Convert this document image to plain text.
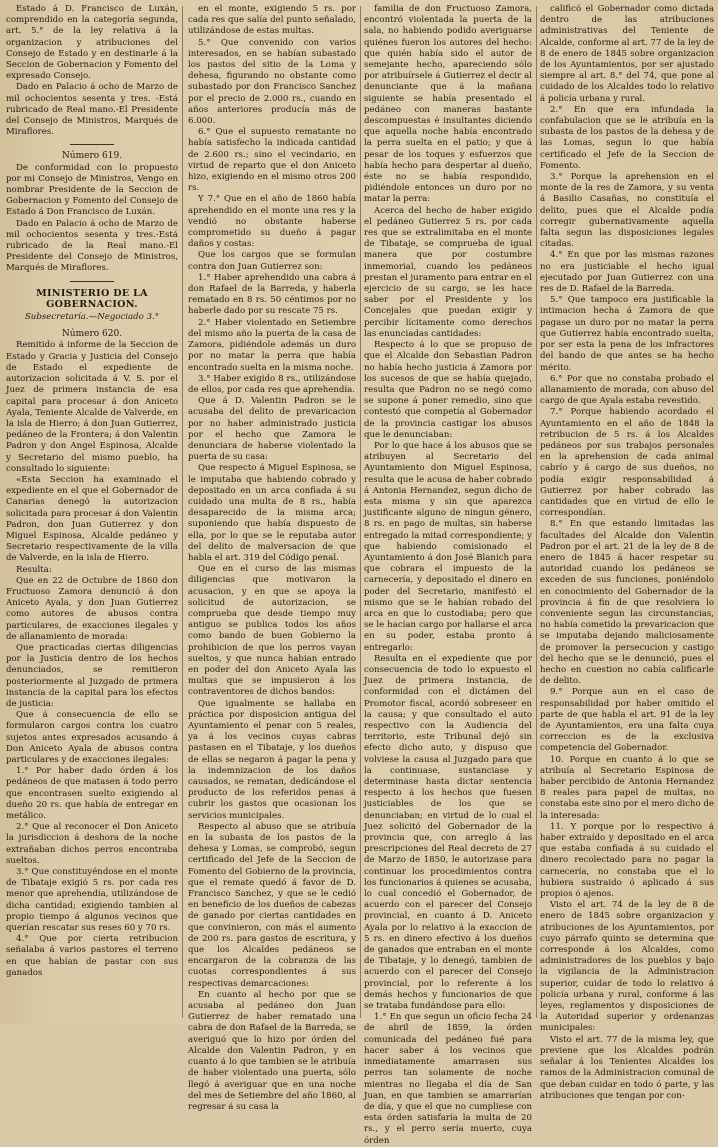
Estado á D. Francisco de Luxán, comprendido en la categoría segunda, art. 5.° de la ley relativa á la organizacion y atribuciones del Consejo de Estado y en destinarle á la Seccion de Gobernacion y Fomento del expresado Consejo.

Dado en Palacio á ocho de Marzo de mil ochocientos sesenta y tres. -Está rubricado de Real mano.-El Presidente del Consejo de Ministros, Marqués de Miraflores.

Número 619.

De conformidad con lo propuesto por mi Consejo de Ministros, Vengo en nombrar Presidente de la Seccion de Gobernacion y Fomento del Consejo de Estado á Don Francisco de Luxán.

Dado en Palacio á ocho de Marzo de mil ochocientos sesenta y tres.-Está rubricado de la Real mano.-El Presidente del Consejo de Ministros, Marqués de Miraflores.

MINISTERIO DE LA GOBERNACION.

Subsecretaría.—Negociado 3.°

Número 620.

Remitido á informe de la Seccion de Estado y Gracia y Justicia del Consejo de Estado el expediente de autorizacion solicitada á V. S. por el Juez de primera instancia de esa capital para procesar á don Aniceto Ayala, Teniente Alcalde de Valverde, en la isla de Hierro; á don Juan Gutierrez, pedáneo de la Frontera; á don Valentin Padron y don Angel Espinosa, Alcalde y Secretario del mismo pueblo, ha consultado lo siguiente:

«Esta Seccion ha examinado el expediente en el que el Gobernador de Canarias denegó la autorizacion solicitada para procesar á don Valentin Padron, don Juan Gutierrez y don Miguel Espinosa, Alcalde pedáneo y Secretario respectivamente de la villa de Valverde, en la isla de Hierro.

Resulta:

Que en 22 de Octubre de 1860 don Fructuoso Zamora denunció á don Aniceto Ayala, y don Juan Gutierrez como autores de abusos contra particulares, de exacciones ilegales y de allanamiento de morada:

Que practicadas ciertas diligencias por la Justicia dentro de los hechos denunciados, se remitieron posteriormente al Juzgado de primera instancia de la capital para los efectos de justicia:

Que á consecuencia de ello se formularon cargos contra los cuatro sujetos antes expresados acusando á Don Aniceto Ayala de abusos contra particulares y de exacciones ilegales:

1.° Por haber dado órden á los pedáneos de que matasen á todo perro que encontrasen suelto exigiendo al dueño 20 rs. que había de entregar en metálico.

2.° Que al reconocer el Don Aniceto la jurisdiccion á deshora de la noche extrañaban dichos perros encontraba sueltos.

3.° Que constituyéndose en el monte de Tibataje exigió 5 rs. por cada res menor que aprehendía, utilizándose de dicha cantidad; exigiendo tambien al propio tiempo á algunos vecinos que querían rescatar sus reses 60 y 70 rs.

4.° Que por cierta retribucion señalaba á varios pastores el terreno en que habían de pastar con sus ganados

en el monte, exigiendo 5 rs. por cada res que salía del punto señalado, utilizándose de estas multas.

5.° Que convenido con varios interesados, en se habían subastado los pastos del sitio de la Loma y dehesa, figurando no obstante como subastado por don Francisco Sanchez por el precio de 2.000 rs., cuando en años anteriores producía más de 6.000.

6.° Que el supuesto rematante no había satisfecho la indicada cantidad de 2.600 rs.; sino el vecindario, en virtud de reparto que el don Aniceto hizo, exigiendo en el mismo otros 200 rs.

Y 7.° Que en el año de 1860 había aprehendido en el monte una res y la vendió no obstante haberse comprometido su dueño á pagar daños y costas:

Que los cargos que se formulan contra don Juan Gutierrez son:

1.° Haber aprehendido una cabra á don Rafael de la Barreda, y haberla rematado en 8 rs. 50 céntimos por no haberle dado por su rescate 75 rs.

2.° Haber violentado en Setiembre del mismo año la puerta de la casa de Zamora, pidiéndole además un duro por no matar la perra que había encontrado suelta en la misma noche.

3.° Haber exigido 8 rs., utilizándose de ellos, por cada res que aprehendía.

Que á D. Valentin Padron se le acusaba del delito de prevaricacion por no haber administrado justicia por el hecho que Zamora le denunciara de haberse violentado la puerta de su casa:

Que respecto á Miguel Espinosa, se le imputaba que habiendo cobrado y depositado en un arca confiada á su cuidado una multa de 8 rs., había desaparecido de la misma arca; suponiendo que había dispuesto de ella, por lo que se le reputaba autor del delito de malversacion de que habla el art. 319 del Código penal.

Que en el curso de las mismas diligencias que motivaron la acusacion, y en que se apoya la solicitud de autorizacion, se comprueba que desde tiempo muy antiguo se publica todos los años como bando de buen Gobierno la prohibicion de que los perros vayan sueltos, y que nunca habian entrado en poder del don Aniceto Ayala las multas que se impusieron á los contraventores de dichos bandos:

Que igualmente se hallaba en práctica por disposicion antigua del Ayuntamiento el penar con 5 reales, ya á los vecinos cuyas cabras pastasen en el Tibataje, y los dueños de ellas se negaron á pagar la pena y la indemnizacion de los daños causados, se rematan, dedicándose el producto de los referidos penas á cubrir los gastos que ocasionan los servicios municipales.

Respecto al abuso que se atribuía en la subasta de los pastos de la dehesa y Lomas, se comprobó, segun certificado del Jefe de la Seccion de Fomento del Gobierno de la provincia, que el remate quedó á favor de D. Francisco Sanchez, y que se le cedió en beneficio de los dueños de cabezas de ganado por ciertas cantidades en que convinieron, con más el aumento de 200 rs. para gastos de escritura, y que los Alcaldes pedáneos se encargaron de la cobranza de las cuotas correspondientes á sus respectivas demarcaciones:

En cuanto al hecho por que se acusaba al pedáneo don Juan Gutierrez de haber rematado una cabra de don Rafael de la Barreda, se averiguó que lo hizo por órden del Alcalde don Valentin Padron, y en cuanto á lo que tambien se le atribuía de haber violentado una puerta, sólo llegó á averiguar que en una noche del mes de Setiembre del año 1860, al regresar á su casa la

familia de don Fructuoso Zamora, encontró violentada la puerta de la sala, no habiendo podido averiguarse quiénes fueron los autores del hecho: que quién había sido el autor de semejante hecho, apareciendo sólo por atribuírsele á Gutierrez el decir al denunciante que á la mañana siguiente se había presentado el pedáneo con maneras bastante descompuestas é insultantes diciendo que aquella noche había encontrado la perra suelta en el patio; y que á pesar de los toques y esfuerzos que había hecho para despertar al dueño, éste no se había respondido, pidiéndole entonces un duro por no matar la perra:

Acerca del hecho de haber exigido el pedáneo Gutierrez 5 rs. por cada res que se extralimitaba en el monte de Tibataje, se comprueba de igual manera que por costumbre inmemorial, cuando los pedáneos prestan el juramento para entrar en el ejercicio de su cargo, se les hace saber por el Presidente y los Concejales que puedan exigir y percibir lícitamente como derechos las enunciadas cantidades:

Respecto á lo que se propuso de que el Alcalde don Sebastian Padron no había hecho justicia á Zamora por los sucesos de que se había quejado, resulta que Padron no se negó como se supone á poner remedio, sino que contestó que competía al Gobernador de la provincia castigar los abusos que le denunciaban:

Por lo que hace á los abusos que se atribuyen al Secretario del Ayuntamiento don Miguel Espinosa, resulta que le acusa de haber cobrado á Antonia Hernandez, segun dicho de esta misma y sin que aparezca justificante alguno de ningun género, 8 rs. en pago de multas, sin haberse entregado la mitad correspondiente; y que habiendo comisionado el Ayuntamiento á don José Blanich para que cobrara el impuesto de la carnecería, y depositado el dinero en poder del Secretario, manifestó el mismo que se le habían robado del arca en que lo custodiaba; pero que se le hacían cargo por hallarse el arca en su poder, estaba pronto á entregarlo:

Resulta en el expediente que por consecuencia de todo lo expuesto el Juez de primera instancia, de conformidad con el dictámen del Promotor fiscal, acordó sobreseer en la causa; y que consultado el auto respectivo con la Audiencia del territorio, este Tribunal dejó sin efecto dicho auto, y dispuso que volviese la causa al Juzgado para que la continuase, sustanciase y determinase hasta dictar sentencia respecto á los hechos que fuesen justiciables de los que se denunciaban; en virtud de lo cual el Juez solicitó del Gobernador de la provincia que, con arreglo á las prescripciones del Real decreto de 27 de Marzo de 1850, le autorizase para continuar los procedimientos contra los funcionarios á quienes se acusaba, lo cual concedió el Gobernador, de acuerdo con el parecer del Consejo provincial, en cuanto á D. Aniceto Ayala por lo relativo á la exaccion de 5 rs. en dinero efectivo á los dueños de ganados que entraban en el monte de Tibataje, y lo denegó, tambien de acuerdo con el parecer del Consejo provincial, por lo referente á los demás hechos y funcionarios de que se trataba fundándose para ello:

1.° En que segun un oficio fecha 24 de abril de 1859, la órden comunicada del pedáneo fué para hacer saber á los vecinos que inmediatamente amarrasen sus perros tan solamente de noche mientras no llegaba el día de San Juan, en que tambien se amarrarían de día, y que el que no cumpliese con esta órden satisfaría la multa de 20 rs., y el perro sería muerto, cuya órden

calificó el Gobernador como dictada dentro de las atribuciones administrativas del Teniente de Alcalde, conforme al art. 77 de la ley de 8 de enero de 1845 sobre organizacion de los Ayuntamientos, por ser ajustado siempre al art. 8.° del 74, que pone al cuidado de los Alcaldes todo lo relativo á policía urbana y rural.

2.° En que era infundada la confabulacion que se le atribuía en la subasta de los pastos de la dehesa y de las Lomas, segun lo que había certificado el Jefe de la Seccion de Fomento.

3.° Porque la aprehension en el monte de la res de Zamora, y su venta á Basilio Casañas, no constituía el delito, pues que el Alcalde podía corregir gubernativamente aquella falta segun las disposiciones legales citadas.

4.° En que por las mismas razones no era justiciable el hecho igual ejecutado por Juan Gutierrez con una res de D. Rafael de la Barreda.

5.° Que tampoco era justificable la intimacion hecha á Zamora de que pagase un duro por no matar la perra que Gutierrez había encontrado suelta, por ser esta la pena de los infractores del bando de que antes se ha hecho mérito.

6.° Por que no constaba probado el allanamiento de morada, con abuso del cargo de que Ayala estaba revestido.

7.° Porque habiendo acordado el Ayuntamiento en el año de 1848 la retribucion de 5 rs. á los Alcaldes pedáneos por sus trabajos personales en la aprehension de cada animal cabrío y á cargo de sus dueños, no podía exigir responsabilidad á Gutierrez por haber cobrado las cantidades que en virtud de ello le correspondían.

8.° En que estando limitadas las facultades del Alcalde don Valentin Padron por el art. 21 de la ley de 8 de enero de 1845 á hacer respetar su autoridad cuando los pedáneos se exceden de sus funciones, poniéndolo en conocimiento del Gobernador de la provincia á fin de que resolviera lo conveniente segun las circunstancias, no había cometido la prevaricacion que se imputaba dejando maliciosamente de promover la persecucion y castigo del hecho que se le denunció, pues el hecho en cuestion no cabía calificarle de delito.

9.° Porque aun en el caso de responsabilidad por haber omitido el parte de que habla el art. 91 de la ley de Ayuntamientos, era una falta cuya correccion es de la exclusiva competencia del Gobernador.

10. Porque en cuanto á lo que se atribuía al Secretario Espinosa de haber percibido de Antonia Hernandez 8 reales para papel de multas, no constaba este sino por el mero dicho de la interesada:

11. Y porque por lo respectivo á haber extraído y depositado en el arca que estaba confiada á su cuidado el dinero recolectado para no pagar la carnecería, no constaba que el lo hubiera sustraido ó aplicado á sus propios ó ajenos.

Visto el art. 74 de la ley de 8 de enero de 1845 sobre organizacion y atribuciones de los Ayuntamientos, por cuyo párrafo quinto se determina que corresponde á los Alcaldes, como administradores de los pueblos y bajo la vigilancia de la Administracion superior, cuidar de todo lo relativo á policía urbana y rural, conforme á las leyes, reglamentos y disposiciones de la Autoridad superior y ordenanzas municipales:

Visto el art. 77 de la misma ley, que previene que los Alcaldes podrán señalar á los Tenientes Alcaldes los ramos de la Administracion comunal de que deban cuidar en todo ó parte, y las atribuciones que tengan por con-
